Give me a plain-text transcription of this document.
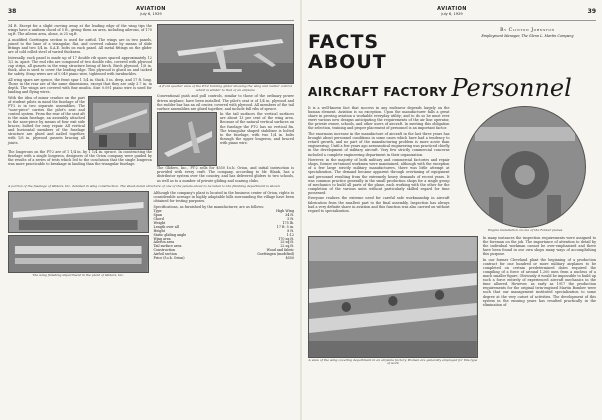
38	AVIATION
July 6, 1929

34 ft. Except for a slight curving away at the leading edge of the wing tips the wings have a uniform chord of 5 ft., giving them an area, including ailerons, of 170 sq.ft. The aileron area, alone, is 25 sq.ft.

A modified Goettingen section is used for airfoil. The wings are in two panels, joined to the base of a triangular, flat, and covered cabane by means of slide fittings and two 1/4 in. S.A.E. bolts on each panel. All metal fittings on the glider are of cold rolled steel of varied thickness.

Internally, each panel is made up of 17 double rib spars spaced approximately 12 1/2 in. apart. The end ribs are composed of two double ribs, covered with plywood cap strips, all gussets in the wing structure being of birch. Birch plywood, 1/8 in. thick, also is used to cover the leading edge. This plywood is glued on and tacked for safety. Strap wires are of 0.049 piano wire, tightened with turnbuckles.

All wing spars are spruce, the front spar 1 1/4 in. thick, 5 in. deep, and 17 ft. long. Those in the rear are of the same dimensions, except that they are only 3.7 in. in depth. The wings are covered with fine muslin. Size 0.091 piano wire is used for landing and flying wires.

With the idea of minor crashes on the part of student pilots in mind the fuselage of the PT-2 is in two separate assemblies. The "nose-piece" carries the pilot's seat and control system. From the rear of the seat aft is the main fuselage, an assembly attached to the nose-piece by means of four exit side braces, bolted for easy repair. All vertical and horizontal members of the fuselage structure are glued and nailed together, with 1/8 in. plywood gussets bracing all joints.

The longerons on the PT-2 are of 1 1/4 in. by 1 1/4 in. spruce. In constructing the fuselage with a single longeron, designers of the Orion company were guided by the results of a series of tests which led to the conclusion that the single longeron was more practicable to breakage in landing than the triangular fuselage.

A front quarter view of the PT-2 training glider showing the wing and rudder control which is similar to that of an airplane

Conventional push and pull controls, similar to those of the ordinary power driven airplane, have been installed. The pilot's seat is of 1/4 in. plywood and the rudder bar has an oil center, covered with plywood. All members of the tail surface assemblies are glued together, and include full ribs of spruce.

In the tail surfaces the vertical surfaces are about 13 per cent of the wing area. Because of the natural vertical surfaces on the fuselage the PT-2 has no vertical fin. The triangular shaped stabilizer is bolted to the fuselage, with two 1/4 in. bolts through the upper longeron, and braced with piano wire.

The Gliders, Inc., PT-2 sells for $550 f.o.b. Orion, and initial instruction is provided with every craft. The company, according to Mr. Blank, has a distributor system over the country, and has delivered gliders to two schools, as well as to a number of private gliding and soaring clubs.

A portion of the fuselage of Gliders, Inc. detailed in wing construction. The sheet-metal structure of one of the panels about to be taken to the finishing department is shown
The wing finishing department in the plant of Gliders, Inc.

Although the company's plant is located in the business center of Orion, rights to considerable acreage in highly adaptable hills surrounding the village have been obtained for testing purposes.

Specifications, as furnished by the manufacturer, are as follows:

Type	High Wing
Span	34 ft.
Chord	5 ft.
Weight	175 lb.
Length over all	17 ft. 5 in.
Height	8 ft.
Static gliding angle	1:12
Wing area	170 sq.ft.
Aileron area	25 sq.ft.
Tail surface area	22 sq.ft.
Construction	Wood and fabric
Airfoil section	Goettingen (modified)
Price (f.o.b. Orion)	$550
AVIATION
July 6, 1929	39
FACTS ABOUT
By Clinton Johnston
Employment Manager, The Glenn L. Martin Company
AIRCRAFT FACTORY Personnel

It is a well-known fact that success in any endeavor depends largely on the human element. Aviation is no exception. Upon the manufacturer falls a great share in proving aviation a workable everyday utility; and to do so he must ever exert various new designs anticipating the requirements of the air line operator, the private owner, schools, and other users of aircraft. In meeting this obligation the selection, training and proper placement of personnel is an important factor.

The enormous increase in the manufacture of aircraft in the last three years has brought about personnel conditions in some cases which have had a tendency to retard growth, and no part of the manufacturing problem is more acute than engineering. Until a few years ago aeronautical engineering was practiced chiefly in the development of military aircraft. Very few strictly commercial concerns included a complete engineering department in their organization.

However, in the majority of both military and commercial factories and repair shops, former ex-trained workmen were maintained, although with the exception of a few large strictly military manufacturers, there was little attempt at specialization. The demand became apparent through overtaxing of equipment and personnel resulting from the extremely heavy demands of recent years. It was common practice generally in the small production shops for a single group of mechanics to build all parts of the plane, each working with the other for the completion of the various units without particularly skilled regard for time possessed.

Everyone realizes the extreme need for careful safe workmanship in aircraft fabrication from the smallest part to the final assembly. Inspection has always had a very definite share in aviation and this function was also carried on without regard to specialization.

Engine installation on one of the Fokker planes
A view of the wing covering department in an airplane factory. Women are generally employed for this type of work

In many instances the inspection requirements were assigned to the foreman on the job. The importance of attention to detail by the individual workman cannot be over-emphasized and there have been found in our own shops many ways of accomplishing this purpose.

In our former Cleveland plant the beginning of a production contract for one hundred or more military airplanes to be completed on certain predetermined dates required the compiling of a force of around 1,200 men from a nucleus of a much smaller figure. Obviously it would be impossible to build up such a force entirely of experienced aircraft mechanics in the time allowed. However, as early as 1917 the production requirements for the original twin-engined Martin Bomber were such that our management instituted specialization to some degree at the very outset of activities. The development of this system in the ensuing years has resulted practically in the elimination of
